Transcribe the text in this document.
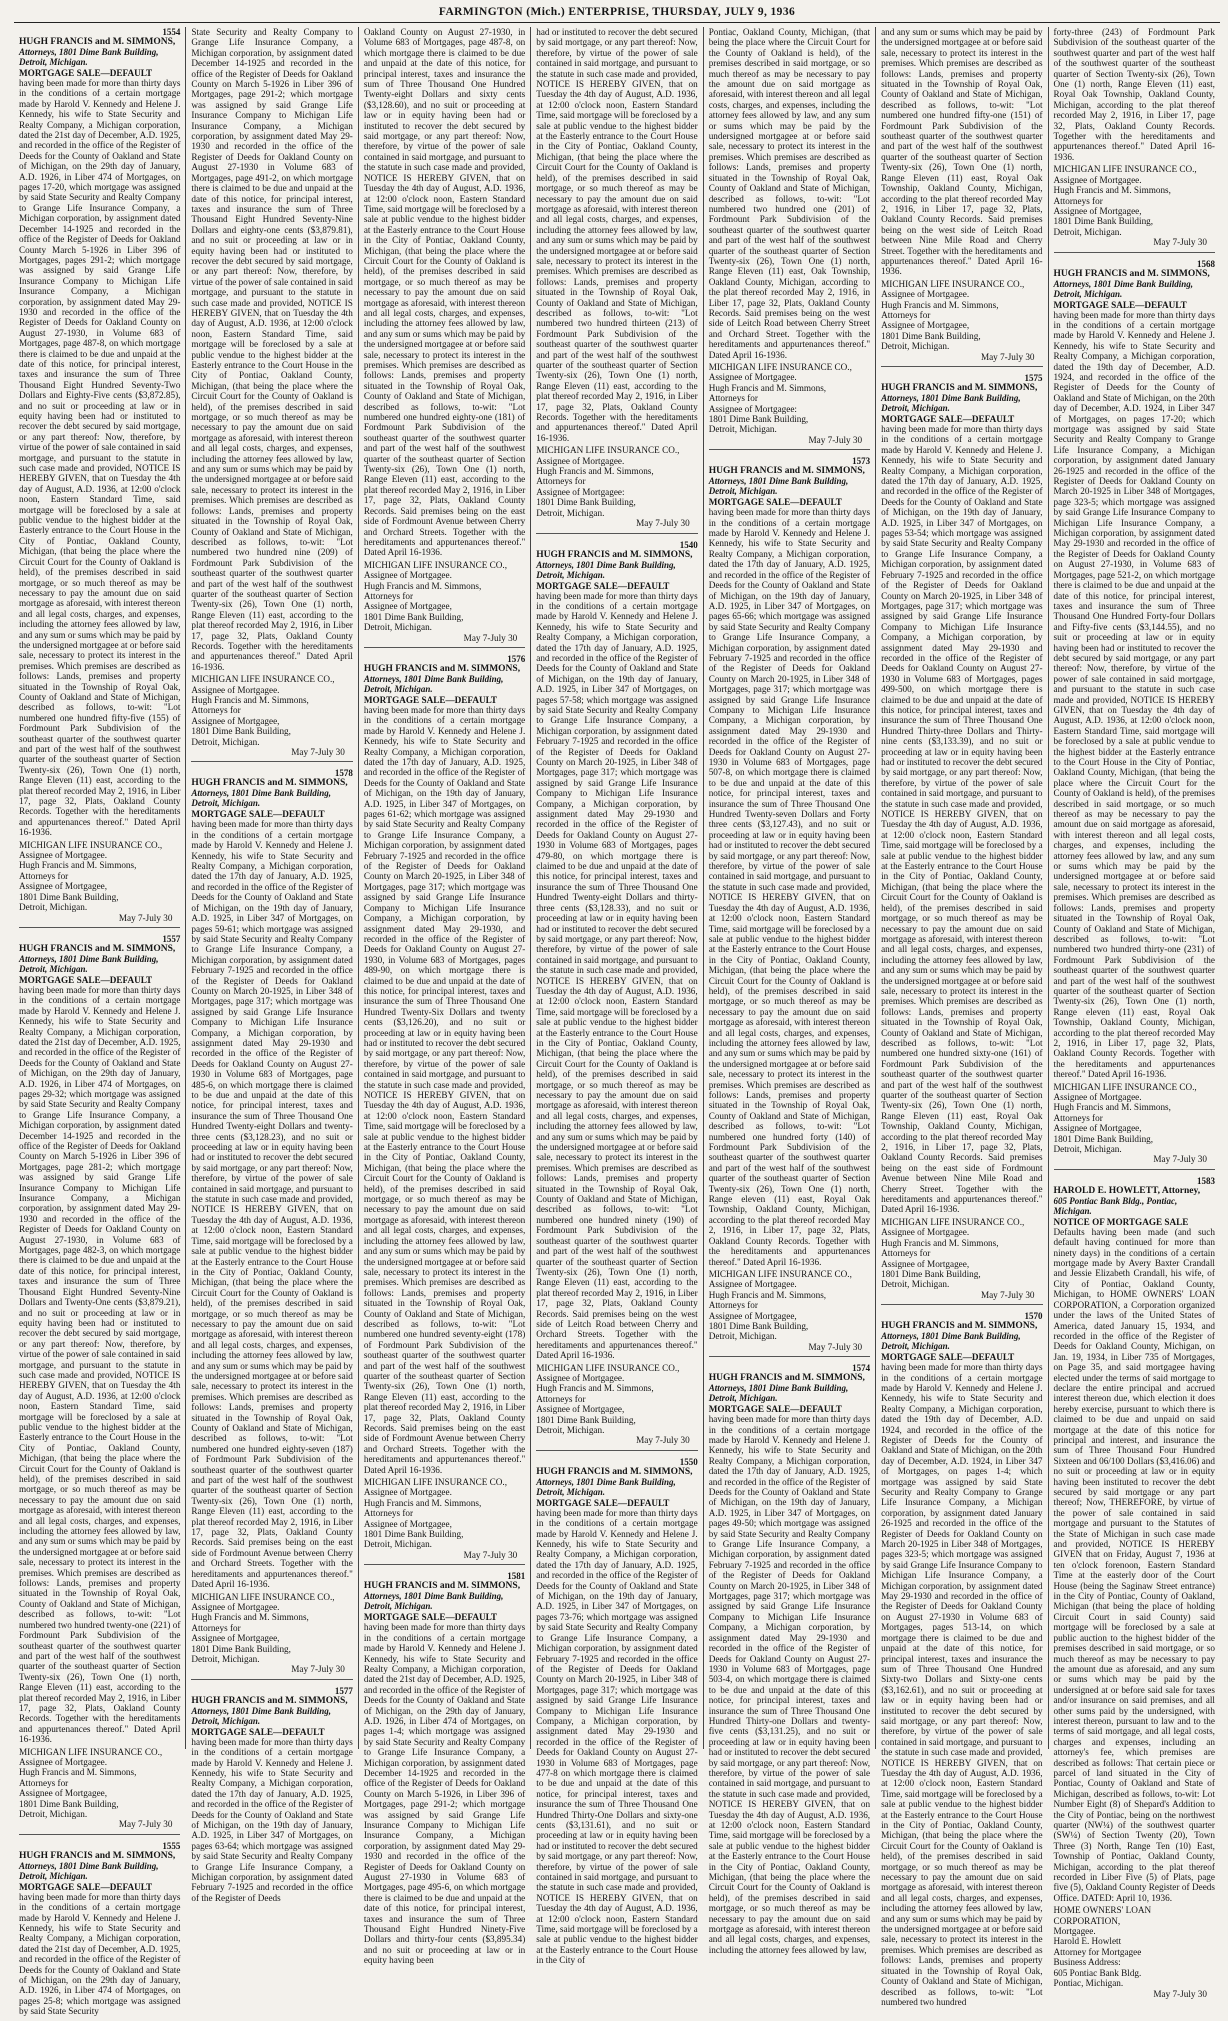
FARMINGTON (Mich.) ENTERPRISE, THURSDAY, JULY 9, 1936
1554
HUGH FRANCIS and M. SIMMONS,
Attorneys, 1801 Dime Bank Building, Detroit, Michigan.
MORTGAGE SALE—DEFAULT

having been made for more than thirty days in the conditions of a certain mortgage made by Harold V. Kennedy and Helene J. Kennedy, his wife to State Security and Realty Company, a Michigan corporation, dated the 21st day of December, A.D. 1925, and recorded in the office of the Register of Deeds for the County of Oakland and State of Michigan, on the 29th day of January, A.D. 1926, in Liber 474 of Mortgages, on pages 17-20, which mortgage was assigned by said State Security and Realty Company to Grange Life Insurance Company, a Michigan corporation, by assignment dated December 14-1925 and recorded in the office of the Register of Deeds for Oakland County March 5-1926 in Liber 396 of Mortgages, pages 291-2; which mortgage was assigned by said Grange Life Insurance Company to Michigan Life Insurance Company, a Michigan corporation, by assignment dated May 29-1930 and recorded in the office of the Register of Deeds for Oakland County on August 27-1930, in Volume 683 of Mortgages, page 487-8, on which mortgage there is claimed to be due and unpaid at the date of this notice, for principal interest, taxes and insurance the sum of Three Thousand Eight Hundred Seventy-Two Dollars and Eighty-Five cents ($3,872.85), and no suit or proceeding at law or in equity having been had or instituted to recover the debt secured by said mortgage, or any part thereof: Now, therefore, by virtue of the power of sale contained in said mortgage, and pursuant to the statute in such case made and provided, NOTICE IS HEREBY GIVEN, that on Tuesday the 4th day of August, A.D. 1936, at 12:00 o'clock noon, Eastern Standard Time, said mortgage will be foreclosed by a sale at public vendue to the highest bidder at the Easterly entrance to the Court House in the City of Pontiac, Oakland County, Michigan, (that being the place where the Circuit Court for the County of Oakland is held), of the premises described in said mortgage, or so much thereof as may be necessary to pay the amount due on said mortgage as aforesaid, with interest thereon and all legal costs, charges, and expenses, including the attorney fees allowed by law, and any sum or sums which may be paid by the undersigned mortgagee at or before said sale, necessary to protect its interest in the premises. Which premises are described as follows: Lands, premises and property situated in the Township of Royal Oak, County of Oakland and State of Michigan, described as follows, to-wit: "Lot numbered one hundred fifty-five (155) of Fordmount Park Subdivision of the southeast quarter of the southwest quarter and part of the west half of the southwest quarter of the southeast quarter of Section Twenty-six (26), Town One (1) north, Range Eleven (11) east, according to the plat thereof recorded May 2, 1916, in Liber 17, page 32, Plats, Oakland County Records. Together with the hereditaments and appurtenances thereof." Dated April 16-1936.

MICHIGAN LIFE INSURANCE CO.,
Assignee of Mortgagee.
Hugh Francis and M. Simmons,
Attorneys for
Assignee of Mortgagee,
1801 Dime Bank Building,
Detroit, Michigan.
May 7-July 30
1557
HUGH FRANCIS and M. SIMMONS,
Attorneys, 1801 Dime Bank Building, Detroit, Michigan.
MORTGAGE SALE—DEFAULT

having been made for more than thirty days in the conditions of a certain mortgage made by Harold V. Kennedy and Helene J. Kennedy, his wife to State Security and Realty Company, a Michigan corporation, dated the 21st day of December, A.D. 1925, and recorded in the office of the Register of Deeds for the County of Oakland and State of Michigan, on the 29th day of January, A.D. 1926, in Liber 474 of Mortgages, on pages 29-32; which mortgage was assigned by said State Security and Realty Company to Grange Life Insurance Company, a Michigan corporation, by assignment dated December 14-1925 and recorded in the office of the Register of Deeds for Oakland County on March 5-1926 in Liber 396 of Mortgages, page 281-2; which mortgage was assigned by said Grange Life Insurance Company to Michigan Life Insurance Company, a Michigan corporation, by assignment dated May 29-1930 and recorded in the office of the Register of Deeds for Oakland County on August 27-1930, in Volume 683 of Mortgages, page 482-3, on which mortgage there is claimed to be due and unpaid at the date of this notice, for principal interest, taxes and insurance the sum of Three Thousand Eight Hundred Seventy-Nine Dollars and Twenty-One cents ($3,879.21), and no suit or proceeding at law or in equity having been had or instituted to recover the debt secured by said mortgage, or any part thereof: Now, therefore, by virtue of the power of sale contained in said mortgage, and pursuant to the statute in such case made and provided, NOTICE IS HEREBY GIVEN, that on Tuesday the 4th day of August, A.D. 1936, at 12:00 o'clock noon, Eastern Standard Time, said mortgage will be foreclosed by a sale at public vendue to the highest bidder at the Easterly entrance to the Court House in the City of Pontiac, Oakland County, Michigan, (that being the place where the Circuit Court for the County of Oakland is held), of the premises described in said mortgage, or so much thereof as may be necessary to pay the amount due on said mortgage as aforesaid, with interest thereon and all legal costs, charges, and expenses, including the attorney fees allowed by law, and any sum or sums which may be paid by the undersigned mortgagee at or before said sale, necessary to protect its interest in the premises. Which premises are described as follows: Lands, premises and property situated in the Township of Royal Oak, County of Oakland and State of Michigan, described as follows, to-wit: "Lot numbered two hundred twenty-one (221) of Fordmount Park Subdivision of the southeast quarter of the southwest quarter and part of the west half of the southwest quarter of the southeast quarter of Section Twenty-six (26), Town One (1) north, Range Eleven (11) east, according to the plat thereof recorded May 2, 1916, in Liber 17, page 32, Plats, Oakland County Records. Together with the hereditaments and appurtenances thereof." Dated April 16-1936.

MICHIGAN LIFE INSURANCE CO.,
Assignee of Mortgagee.
Hugh Francis and M. Simmons,
Attorneys for
Assignee of Mortgagee,
1801 Dime Bank Building,
Detroit, Michigan.
May 7-July 30
1555
HUGH FRANCIS and M. SIMMONS,
Attorneys, 1801 Dime Bank Building, Detroit, Michigan.
MORTGAGE SALE—DEFAULT

having been made for more than thirty days in the conditions of a certain mortgage made by Harold V. Kennedy and Helene J. Kennedy, his wife to State Security and Realty Company, a Michigan corporation, dated the 21st day of December, A.D. 1925, and recorded in the office of the Register of Deeds for the County of Oakland and State of Michigan, on the 29th day of January, A.D. 1926, in Liber 474 of Mortgages, on pages 25-8; which mortgage was assigned by said State Security

State Security and Realty Company to Grange Life Insurance Company, a Michigan corporation, by assignment dated December 14-1925 and recorded in the office of the Register of Deeds for Oakland County on March 5-1926 in Liber 396 of Mortgages, page 291-2; which mortgage was assigned by said Grange Life Insurance Company to Michigan Life Insurance Company, a Michigan corporation, by assignment dated May 29-1930 and recorded in the office of the Register of Deeds for Oakland County on August 27-1930 in Volume 683 of Mortgages, page 491-2, on which mortgage there is claimed to be due and unpaid at the date of this notice, for principal interest, taxes and insurance the sum of Three Thousand Eight Hundred Seventy-Nine Dollars and eighty-one cents ($3,879.81), and no suit or proceeding at law or in equity having been had or instituted to recover the debt secured by said mortgage, or any part thereof: Now, therefore, by virtue of the power of sale contained in said mortgage, and pursuant to the statute in such case made and provided, NOTICE IS HEREBY GIVEN, that on Tuesday the 4th day of August, A.D. 1936, at 12:00 o'clock noon, Eastern Standard Time, said mortgage will be foreclosed by a sale at public vendue to the highest bidder at the Easterly entrance to the Court House in the City of Pontiac, Oakland County, Michigan, (that being the place where the Circuit Court for the County of Oakland is held), of the premises described in said mortgage, or so much thereof as may be necessary to pay the amount due on said mortgage as aforesaid, with interest thereon and all legal costs, charges, and expenses, including the attorney fees allowed by law, and any sum or sums which may be paid by the undersigned mortgagee at or before said sale, necessary to protect its interest in the premises. Which premises are described as follows: Lands, premises and property situated in the Township of Royal Oak, County of Oakland and State of Michigan, described as follows, to-wit: "Lot numbered two hundred nine (209) of Fordmount Park Subdivision of the southeast quarter of the southwest quarter and part of the west half of the southwest quarter of the southeast quarter of Section Twenty-six (26), Town One (1) north, Range Eleven (11) east, according to the plat thereof recorded May 2, 1916, in Liber 17, page 32, Plats, Oakland County Records. Together with the hereditaments and appurtenances thereof." Dated April 16-1936.

MICHIGAN LIFE INSURANCE CO.,
Assignee of Mortgagee.
Hugh Francis and M. Simmons,
Attorneys for
Assignee of Mortgagee,
1801 Dime Bank Building,
Detroit, Michigan.
May 7-July 30
1578
HUGH FRANCIS and M. SIMMONS,
Attorneys, 1801 Dime Bank Building, Detroit, Michigan.
MORTGAGE SALE—DEFAULT

having been made for more than thirty days in the conditions of a certain mortgage made by Harold V. Kennedy and Helene J. Kennedy, his wife to State Security and Realty Company, a Michigan corporation, dated the 17th day of January, A.D. 1925, and recorded in the office of the Register of Deeds for the County of Oakland and State of Michigan, on the 19th day of January, A.D. 1925, in Liber 347 of Mortgages, on pages 59-61; which mortgage was assigned by said State Security and Realty Company to Grange Life Insurance Company, a Michigan corporation, by assignment dated February 7-1925 and recorded in the office of the Register of Deeds for Oakland County on March 20-1925, in Liber 348 of Mortgages, page 317; which mortgage was assigned by said Grange Life Insurance Company to Michigan Life Insurance Company, a Michigan corporation, by assignment dated May 29-1930 and recorded in the office of the Register of Deeds for Oakland County on August 27-1930 in Volume 683 of Mortgages, page 485-6, on which mortgage there is claimed to be due and unpaid at the date of this notice, for principal interest, taxes and insurance the sum of Three Thousand One Hundred Twenty-eight Dollars and twenty-three cents ($3,128.23), and no suit or proceeding at law or in equity having been had or instituted to recover the debt secured by said mortgage, or any part thereof: Now, therefore, by virtue of the power of sale contained in said mortgage, and pursuant to the statute in such case made and provided, NOTICE IS HEREBY GIVEN, that on Tuesday the 4th day of August, A.D. 1936, at 12:00 o'clock noon, Eastern Standard Time, said mortgage will be foreclosed by a sale at public vendue to the highest bidder at the Easterly entrance to the Court House in the City of Pontiac, Oakland County, Michigan, (that being the place where the Circuit Court for the County of Oakland is held), of the premises described in said mortgage, or so much thereof as may be necessary to pay the amount due on said mortgage as aforesaid, with interest thereon and all legal costs, charges, and expenses, including the attorney fees allowed by law, and any sum or sums which may be paid by the undersigned mortgagee at or before said sale, necessary to protect its interest in the premises. Which premises are described as follows: Lands, premises and property situated in the Township of Royal Oak, County of Oakland and State of Michigan, described as follows, to-wit: "Lot numbered one hundred eighty-seven (187) of Fordmount Park Subdivision of the southeast quarter of the southwest quarter and part of the west half of the southwest quarter of the southeast quarter of Section Twenty-six (26), Town One (1) north, Range Eleven (11) east, according to the plat thereof recorded May 2, 1916, in Liber 17, page 32, Plats, Oakland County Records. Said premises being on the east side of Fordmount Avenue between Cherry and Orchard Streets. Together with the hereditaments and appurtenances thereof." Dated April 16-1936.

MICHIGAN LIFE INSURANCE CO.,
Assignee of Mortgagee.
Hugh Francis and M. Simmons,
Attorneys for
Assignee of Mortgagee,
1801 Dime Bank Building,
Detroit, Michigan.
May 7-July 30
1577
HUGH FRANCIS and M. SIMMONS,
Attorneys, 1801 Dime Bank Building, Detroit, Michigan.
MORTGAGE SALE—DEFAULT

having been made for more than thirty days in the conditions of a certain mortgage made by Harold V. Kennedy and Helene J. Kennedy, his wife to State Security and Realty Company, a Michigan corporation, dated the 17th day of January, A.D. 1925, and recorded in the office of the Register of Deeds for the County of Oakland and State of Michigan, on the 19th day of January, A.D. 1925, in Liber 347 of Mortgages, on pages 63-64; which mortgage was assigned by said State Security and Realty Company to Grange Life Insurance Company, a Michigan corporation, by assignment dated February 7-1925 and recorded in the office of the Register of Deeds

Oakland County on August 27-1930, in Volume 683 of Mortgages, page 487-8, on which mortgage there is claimed to be due and unpaid at the date of this notice, for principal interest, taxes and insurance the sum of Three Thousand One Hundred Twenty-eight Dollars and sixty cents ($3,128.60), and no suit or proceeding at law or in equity having been had or instituted to recover the debt secured by said mortgage, or any part thereof: Now, therefore, by virtue of the power of sale contained in said mortgage, and pursuant to the statute in such case made and provided, NOTICE IS HEREBY GIVEN, that on Tuesday the 4th day of August, A.D. 1936, at 12:00 o'clock noon, Eastern Standard Time, said mortgage will be foreclosed by a sale at public vendue to the highest bidder at the Easterly entrance to the Court House in the City of Pontiac, Oakland County, Michigan, (that being the place where the Circuit Court for the County of Oakland is held), of the premises described in said mortgage, or so much thereof as may be necessary to pay the amount due on said mortgage as aforesaid, with interest thereon and all legal costs, charges, and expenses, including the attorney fees allowed by law, and any sum or sums which may be paid by the undersigned mortgagee at or before said sale, necessary to protect its interest in the premises. Which premises are described as follows: Lands, premises and property situated in the Township of Royal Oak, County of Oakland and State of Michigan, described as follows, to-wit: "Lot numbered one hundred eighty-one (181) of Fordmount Park Subdivision of the southeast quarter of the southwest quarter and part of the west half of the southwest quarter of the southeast quarter of Section Twenty-six (26), Town One (1) north, Range Eleven (11) east, according to the plat thereof recorded May 2, 1916, in Liber 17, page 32, Plats, Oakland County Records. Said premises being on the east side of Fordmount Avenue between Cherry and Orchard Streets. Together with the hereditaments and appurtenances thereof." Dated April 16-1936.

MICHIGAN LIFE INSURANCE CO.,
Assignee of Mortgagee.
Hugh Francis and M. Simmons,
Attorneys for
Assignee of Mortgagee,
1801 Dime Bank Building,
Detroit, Michigan.
May 7-July 30
1576
HUGH FRANCIS and M. SIMMONS,
Attorneys, 1801 Dime Bank Building, Detroit, Michigan.
MORTGAGE SALE—DEFAULT

having been made for more than thirty days in the conditions of a certain mortgage made by Harold V. Kennedy and Helene J. Kennedy, his wife to State Security and Realty Company, a Michigan corporation, dated the 17th day of January, A.D. 1925, and recorded in the office of the Register of Deeds for the County of Oakland and State of Michigan, on the 19th day of January, A.D. 1925, in Liber 347 of Mortgages, on pages 61-62; which mortgage was assigned by said State Security and Realty Company to Grange Life Insurance Company, a Michigan corporation, by assignment dated February 7-1925 and recorded in the office of the Register of Deeds for Oakland County on March 20-1925, in Liber 348 of Mortgages, page 317; which mortgage was assigned by said Grange Life Insurance Company to Michigan Life Insurance Company, a Michigan corporation, by assignment dated May 29-1930, and recorded in the office of the Register of Deeds for Oakland County on August 27-1930, in Volume 683 of Mortgages, pages 489-90, on which mortgage there is claimed to be due and unpaid at the date of this notice, for principal interest, taxes and insurance the sum of Three Thousand One Hundred Twenty-Six Dollars and twenty cents ($3,126.20), and no suit or proceeding at law or in equity having been had or instituted to recover the debt secured by said mortgage, or any part thereof: Now, therefore, by virtue of the power of sale contained in said mortgage, and pursuant to the statute in such case made and provided, NOTICE IS HEREBY GIVEN, that on Tuesday the 4th day of August, A.D. 1936, at 12:00 o'clock noon, Eastern Standard Time, said mortgage will be foreclosed by a sale at public vendue to the highest bidder at the Easterly entrance to the Court House in the City of Pontiac, Oakland County, Michigan, (that being the place where the Circuit Court for the County of Oakland is held), of the premises described in said mortgage, or so much thereof as may be necessary to pay the amount due on said mortgage as aforesaid, with interest thereon and all legal costs, charges, and expenses, including the attorney fees allowed by law, and any sum or sums which may be paid by the undersigned mortgagee at or before said sale, necessary to protect its interest in the premises. Which premises are described as follows: Lands, premises and property situated in the Township of Royal Oak, County of Oakland and State of Michigan, described as follows, to-wit: "Lot numbered one hundred seventy-eight (178) of Fordmount Park Subdivision of the southeast quarter of the southwest quarter and part of the west half of the southwest quarter of the southeast quarter of Section Twenty-six (26), Town One (1) north, Range Eleven (11) east, according to the plat thereof recorded May 2, 1916, in Liber 17, page 32, Plats, Oakland County Records. Said premises being on the east side of Fordmount Avenue between Cherry and Orchard Streets. Together with the hereditaments and appurtenances thereof." Dated April 16-1936.

MICHIGAN LIFE INSURANCE CO.,
Assignee of Mortgagee.
Hugh Francis and M. Simmons,
Attorneys for
Assignee of Mortgagee,
1801 Dime Bank Building,
Detroit, Michigan.
May 7-July 30
1581
HUGH FRANCIS and M. SIMMONS,
Attorneys, 1801 Dime Bank Building, Detroit, Michigan.
MORTGAGE SALE—DEFAULT

having been made for more than thirty days in the conditions of a certain mortgage made by Harold V. Kennedy and Helene J. Kennedy, his wife to State Security and Realty Company, a Michigan corporation, dated the 21st day of December, A.D. 1925, and recorded in the office of the Register of Deeds for the County of Oakland and State of Michigan, on the 29th day of January, A.D. 1926, in Liber 474 of Mortgages, on pages 1-4; which mortgage was assigned by said State Security and Realty Company to Grange Life Insurance Company, a Michigan corporation, by assignment dated December 14-1925 and recorded in the office of the Register of Deeds for Oakland County on March 5-1926, in Liber 396 of Mortgages, page 291-2; which mortgage was assigned by said Grange Life Insurance Company to Michigan Life Insurance Company, a Michigan corporation, by assignment dated May 29-1930 and recorded in the office of the Register of Deeds for Oakland County on August 27-1930 in Volume 683 of Mortgages, page 495-6, on which mortgage there is claimed to be due and unpaid at the date of this notice, for principal interest, taxes and insurance the sum of Three Thousand Eight Hundred Ninety-Five Dollars and thirty-four cents ($3,895.34) and no suit or proceeding at law or in equity having been

had or instituted to recover the debt secured by said mortgage, or any part thereof: Now, therefore, by virtue of the power of sale contained in said mortgage, and pursuant to the statute in such case made and provided, NOTICE IS HEREBY GIVEN, that on Tuesday the 4th day of August, A.D. 1936, at 12:00 o'clock noon, Eastern Standard Time, said mortgage will be foreclosed by a sale at public vendue to the highest bidder at the Easterly entrance to the Court House in the City of Pontiac, Oakland County, Michigan, (that being the place where the Circuit Court for the County of Oakland is held), of the premises described in said mortgage, or so much thereof as may be necessary to pay the amount due on said mortgage as aforesaid, with interest thereon and all legal costs, charges, and expenses, including the attorney fees allowed by law, and any sum or sums which may be paid by the undersigned mortgagee at or before said sale, necessary to protect its interest in the premises. Which premises are described as follows: Lands, premises and property situated in the Township of Royal Oak, County of Oakland and State of Michigan, described as follows, to-wit: "Lot numbered two hundred thirteen (213) of Fordmount Park Subdivision of the southeast quarter of the southwest quarter and part of the west half of the southwest quarter of the southeast quarter of Section Twenty-six (26), Town One (1) north, Range Eleven (11) east, according to the plat thereof recorded May 2, 1916, in Liber 17, page 32, Plats, Oakland County Records. Together with the hereditaments and appurtenances thereof." Dated April 16-1936.

MICHIGAN LIFE INSURANCE CO.,
Assignee of Mortgagee.
Hugh Francis and M. Simmons,
Attorneys for
Assignee of Mortgagee:
1801 Dime Bank Building,
Detroit, Michigan.
May 7-July 30
1540
HUGH FRANCIS and M. SIMMONS,
Attorneys, 1801 Dime Bank Building, Detroit, Michigan.
MORTGAGE SALE—DEFAULT

having been made for more than thirty days in the conditions of a certain mortgage made by Harold V. Kennedy and Helene J. Kennedy, his wife to State Security and Realty Company, a Michigan corporation, dated the 17th day of January, A.D. 1925, and recorded in the office of the Register of Deeds for the County of Oakland and State of Michigan, on the 19th day of January, A.D. 1925, in Liber 347 of Mortgages, on pages 57-58; which mortgage was assigned by said State Security and Realty Company to Grange Life Insurance Company, a Michigan corporation, by assignment dated February 7-1925 and recorded in the office of the Register of Deeds for Oakland County on March 20-1925, in Liber 348 of Mortgages, page 317; which mortgage was assigned by said Grange Life Insurance Company to Michigan Life Insurance Company, a Michigan corporation, by assignment dated May 29-1930 and recorded in the office of the Register of Deeds for Oakland County on August 27-1930 in Volume 683 of Mortgages, pages 479-80, on which mortgage there is claimed to be due and unpaid at the date of this notice, for principal interest, taxes and insurance the sum of Three Thousand One Hundred Twenty-eight Dollars and thirty-three cents ($3,128.33), and no suit or proceeding at law or in equity having been had or instituted to recover the debt secured by said mortgage, or any part thereof: Now, therefore, by virtue of the power of sale contained in said mortgage, and pursuant to the statute in such case made and provided, NOTICE IS HEREBY GIVEN, that on Tuesday the 4th day of August, A.D. 1936, at 12:00 o'clock noon, Eastern Standard Time, said mortgage will be foreclosed by a sale at public vendue to the highest bidder at the Easterly entrance to the Court House in the City of Pontiac, Oakland County, Michigan, (that being the place where the Circuit Court for the County of Oakland is held), of the premises described in said mortgage, or so much thereof as may be necessary to pay the amount due on said mortgage as aforesaid, with interest thereon and all legal costs, charges, and expenses, including the attorney fees allowed by law, and any sum or sums which may be paid by the undersigned mortgagee at or before said sale, necessary to protect its interest in the premises. Which premises are described as follows: Lands, premises and property situated in the Township of Royal Oak, County of Oakland and State of Michigan, described as follows, to-wit: "Lot numbered one hundred ninety (190) of Fordmount Park Subdivision of the southeast quarter of the southwest quarter and part of the west half of the southwest quarter of the southeast quarter of Section Twenty-six (26), Town One (1) north, Range Eleven (11) east, according to the plat thereof recorded May 2, 1916, in Liber 17, page 32, Plats, Oakland County Records. Said premises being on the west side of Leitch Road between Cherry and Orchard Streets. Together with the hereditaments and appurtenances thereof." Dated April 16-1936.

MICHIGAN LIFE INSURANCE CO.,
Assignee of Mortgagee.
Hugh Francis and M. Simmons,
Attorneys for
Assignee of Mortgagee,
1801 Dime Bank Building,
Detroit, Michigan.
May 7-July 30
1550
HUGH FRANCIS and M. SIMMONS,
Attorneys, 1801 Dime Bank Building, Detroit, Michigan.
MORTGAGE SALE—DEFAULT

having been made for more than thirty days in the conditions of a certain mortgage made by Harold V. Kennedy and Helene J. Kennedy, his wife to State Security and Realty Company, a Michigan corporation, dated the 17th day of January, A.D. 1925, and recorded in the office of the Register of Deeds for the County of Oakland and State of Michigan, on the 19th day of January, A.D. 1925, in Liber 347 of Mortgages, on pages 73-76; which mortgage was assigned by said State Security and Realty Company to Grange Life Insurance Company, a Michigan corporation, by assignment dated February 7-1925 and recorded in the office of the Register of Deeds for Oakland County on March 20-1925, in Liber 348 of Mortgages, page 317; which mortgage was assigned by said Grange Life Insurance Company to Michigan Life Insurance Company, a Michigan corporation, by assignment dated May 29-1930 and recorded in the office of the Register of Deeds for Oakland County on August 27-1930 in Volume 683 of Mortgages, page 477-8 on which mortgage there is claimed to be due and unpaid at the date of this notice, for principal interest, taxes and insurance the sum of Three Thousand One Hundred Thirty-One Dollars and sixty-one cents ($3,131.61), and no suit or proceeding at law or in equity having been had or instituted to recover the debt secured by said mortgage, or any part thereof: Now, therefore, by virtue of the power of sale contained in said mortgage, and pursuant to the statute in such case made and provided, NOTICE IS HEREBY GIVEN, that on Tuesday the 4th day of August, A.D. 1936, at 12:00 o'clock noon, Eastern Standard Time, said mortgage will be foreclosed by a sale at public vendue to the highest bidder at the Easterly entrance to the Court House in the City of

Pontiac, Oakland County, Michigan, (that being the place where the Circuit Court for the County of Oakland is held), of the premises described in said mortgage, or so much thereof as may be necessary to pay the amount due on said mortgage as aforesaid, with interest thereon and all legal costs, charges, and expenses, including the attorney fees allowed by law, and any sum or sums which may be paid by the undersigned mortgagee at or before said sale, necessary to protect its interest in the premises. Which premises are described as follows: Lands, premises and property situated in the Township of Royal Oak, County of Oakland and State of Michigan, described as follows, to-wit: "Lot numbered two hundred one (201) of Fordmount Park Subdivision of the southeast quarter of the southwest quarter and part of the west half of the southwest quarter of the southeast quarter of Section Twenty-six (26), Town One (1) north, Range Eleven (11) east, Oak Township, Oakland County, Michigan, according to the plat thereof recorded May 2, 1916, in Liber 17, page 32, Plats, Oakland County Records. Said premises being on the west side of Leitch Road between Cherry Street and Orchard Street. Together with the hereditaments and appurtenances thereof." Dated April 16-1936.

MICHIGAN LIFE INSURANCE CO.,
Assignee of Mortgagee.
Hugh Francis and M. Simmons,
Attorneys for
Assignee of Mortgagee:
1801 Dime Bank Building,
Detroit, Michigan.
May 7-July 30
1573
HUGH FRANCIS and M. SIMMONS,
Attorneys, 1801 Dime Bank Building, Detroit, Michigan.
MORTGAGE SALE—DEFAULT

having been made for more than thirty days in the conditions of a certain mortgage made by Harold V. Kennedy and Helene J. Kennedy, his wife to State Security and Realty Company, a Michigan corporation, dated the 17th day of January, A.D. 1925, and recorded in the office of the Register of Deeds for the County of Oakland and State of Michigan, on the 19th day of January, A.D. 1925, in Liber 347 of Mortgages, on pages 65-66; which mortgage was assigned by said State Security and Realty Company to Grange Life Insurance Company, a Michigan corporation, by assignment dated February 7-1925 and recorded in the office of the Register of Deeds for Oakland County on March 20-1925, in Liber 348 of Mortgages, page 317; which mortgage was assigned by said Grange Life Insurance Company to Michigan Life Insurance Company, a Michigan corporation, by assignment dated May 29-1930 and recorded in the office of the Register of Deeds for Oakland County on August 27-1930 in Volume 683 of Mortgages, page 507-8, on which mortgage there is claimed to be due and unpaid at the date of this notice, for principal interest, taxes and insurance the sum of Three Thousand One Hundred Twenty-seven Dollars and Forty three cents ($3,127.43), and no suit or proceeding at law or in equity having been had or instituted to recover the debt secured by said mortgage, or any part thereof: Now, therefore, by virtue of the power of sale contained in said mortgage, and pursuant to the statute in such case made and provided, NOTICE IS HEREBY GIVEN, that on Tuesday the 4th day of August, A.D. 1936, at 12:00 o'clock noon, Eastern Standard Time, said mortgage will be foreclosed by a sale at public vendue to the highest bidder at the Easterly entrance to the Court House in the City of Pontiac, Oakland County, Michigan, (that being the place where the Circuit Court for the County of Oakland is held), of the premises described in said mortgage, or so much thereof as may be necessary to pay the amount due on said mortgage as aforesaid, with interest thereon and all legal costs, charges, and expenses, including the attorney fees allowed by law, and any sum or sums which may be paid by the undersigned mortgagee at or before said sale, necessary to protect its interest in the premises. Which premises are described as follows: Lands, premises and property situated in the Township of Royal Oak, County of Oakland and State of Michigan, described as follows, to-wit: "Lot numbered one hundred forty (140) of Fordmount Park Subdivision of the southeast quarter of the southwest quarter and part of the west half of the southwest quarter of the southeast quarter of Section Twenty-six (26), Town One (1) north, Range eleven (11) east, Royal Oak Township, Oakland County, Michigan, according to the plat thereof recorded May 2, 1916, in Liber 17, page 32, Plats, Oakland County Records. Together with the hereditaments and appurtenances thereof." Dated April 16-1936.

MICHIGAN LIFE INSURANCE CO.,
Assignee of Mortgagee.
Hugh Francis and M. Simmons,
Attorneys for
Assignee of Mortgagee,
1801 Dime Bank Building,
Detroit, Michigan.
May 7-July 30
1574
HUGH FRANCIS and M. SIMMONS,
Attorneys, 1801 Dime Bank Building, Detroit, Michigan.
MORTGAGE SALE—DEFAULT

having been made for more than thirty days in the conditions of a certain mortgage made by Harold V. Kennedy and Helene J. Kennedy, his wife to State Security and Realty Company, a Michigan corporation, dated the 17th day of January, A.D. 1925, and recorded in the office of the Register of Deeds for the County of Oakland and State of Michigan, on the 19th day of January, A.D. 1925, in Liber 347 of Mortgages, on pages 49-50; which mortgage was assigned by said State Security and Realty Company to Grange Life Insurance Company, a Michigan corporation, by assignment dated February 7-1925 and recorded in the office of the Register of Deeds for Oakland County on March 20-1925, in Liber 348 of Mortgages, page 317; which mortgage was assigned by said Grange Life Insurance Company to Michigan Life Insurance Company, a Michigan corporation, by assignment dated May 29-1930 and recorded in the office of the Register of Deeds for Oakland County on August 27-1930 in Volume 683 of Mortgages, page 503-4, on which mortgage there is claimed to be due and unpaid at the date of this notice, for principal interest, taxes and insurance the sum of Three Thousand One Hundred Thirty-one Dollars and twenty-five cents ($3,131.25), and no suit or proceeding at law or in equity having been had or instituted to recover the debt secured by said mortgage, or any part thereof: Now, therefore, by virtue of the power of sale contained in said mortgage, and pursuant to the statute in such case made and provided, NOTICE IS HEREBY GIVEN, that on Tuesday the 4th day of August, A.D. 1936, at 12:00 o'clock noon, Eastern Standard Time, said mortgage will be foreclosed by a sale at public vendue to the highest bidder at the Easterly entrance to the Court House in the City of Pontiac, Oakland County, Michigan, (that being the place where the Circuit Court for the County of Oakland is held), of the premises described in said mortgage, or so much thereof as may be necessary to pay the amount due on said mortgage as aforesaid, with interest thereon and all legal costs, charges, and expenses, including the attorney fees allowed by law,

and any sum or sums which may be paid by the undersigned mortgagee at or before said sale, necessary to protect its interest in the premises. Which premises are described as follows: Lands, premises and property situated in the Township of Royal Oak, County of Oakland and State of Michigan, described as follows, to-wit: "Lot numbered one hundred fifty-one (151) of Fordmount Park Subdivision of the southeast quarter of the southwest quarter and part of the west half of the southwest quarter of the southeast quarter of Section Twenty-six (26), Town One (1) north, Range Eleven (11) east, Royal Oak Township, Oakland County, Michigan, according to the plat thereof recorded May 2, 1916, in Liber 17, page 32, Plats, Oakland County Records. Said premises being on the west side of Leitch Road between Nine Mile Road and Cherry Street. Together with the hereditaments and appurtenances thereof." Dated April 16-1936.

MICHIGAN LIFE INSURANCE CO.,
Assignee of Mortgagee.
Hugh Francis and M. Simmons,
Attorneys for
Assignee of Mortgagee,
1801 Dime Bank Building,
Detroit, Michigan.
May 7-July 30
1575
HUGH FRANCIS and M. SIMMONS,
Attorneys, 1801 Dime Bank Building, Detroit, Michigan.
MORTGAGE SALE—DEFAULT

having been made for more than thirty days in the conditions of a certain mortgage made by Harold V. Kennedy and Helene J. Kennedy, his wife to State Security and Realty Company, a Michigan corporation, dated the 17th day of January, A.D. 1925, and recorded in the office of the Register of Deeds for the County of Oakland and State of Michigan, on the 19th day of January, A.D. 1925, in Liber 347 of Mortgages, on pages 53-54; which mortgage was assigned by said State Security and Realty Company to Grange Life Insurance Company, a Michigan corporation, by assignment dated February 7-1925 and recorded in the office of the Register of Deeds for Oakland County on March 20-1925, in Liber 348 of Mortgages, page 317; which mortgage was assigned by said Grange Life Insurance Company to Michigan Life Insurance Company, a Michigan corporation, by assignment dated May 29-1930 and recorded in the office of the Register of Deeds for Oakland County on August 27-1930 in Volume 683 of Mortgages, pages 499-500, on which mortgage there is claimed to be due and unpaid at the date of this notice, for principal interest, taxes and insurance the sum of Three Thousand One Hundred Thirty-three Dollars and Thirty-nine cents ($3,133.39), and no suit or proceeding at law or in equity having been had or instituted to recover the debt secured by said mortgage, or any part thereof: Now, therefore, by virtue of the power of sale contained in said mortgage, and pursuant to the statute in such case made and provided, NOTICE IS HEREBY GIVEN, that on Tuesday the 4th day of August, A.D. 1936, at 12:00 o'clock noon, Eastern Standard Time, said mortgage will be foreclosed by a sale at public vendue to the highest bidder at the Easterly entrance to the Court House in the City of Pontiac, Oakland County, Michigan, (that being the place where the Circuit Court for the County of Oakland is held), of the premises described in said mortgage, or so much thereof as may be necessary to pay the amount due on said mortgage as aforesaid, with interest thereon and all legal costs, charges, and expenses, including the attorney fees allowed by law, and any sum or sums which may be paid by the undersigned mortgagee at or before said sale, necessary to protect its interest in the premises. Which premises are described as follows: Lands, premises and property situated in the Township of Royal Oak, County of Oakland and State of Michigan, described as follows, to-wit: "Lot numbered one hundred sixty-one (161) of Fordmount Park Subdivision of the southeast quarter of the southwest quarter and part of the west half of the southwest quarter of the southeast quarter of Section Twenty-six (26), Town One (1) north, Range Eleven (11) east, Royal Oak Township, Oakland County, Michigan, according to the plat thereof recorded May 2, 1916, in Liber 17, page 32, Plats, Oakland County Records. Said premises being on the east side of Fordmount Avenue between Nine Mile Road and Cherry Street. Together with the hereditaments and appurtenances thereof." Dated April 16-1936.

MICHIGAN LIFE INSURANCE CO.,
Assignee of Mortgagee.
Hugh Francis and M. Simmons,
Attorneys for
Assignee of Mortgagee,
1801 Dime Bank Building,
Detroit, Michigan.
May 7-July 30
1570
HUGH FRANCIS and M. SIMMONS,
Attorneys, 1801 Dime Bank Building, Detroit, Michigan.
MORTGAGE SALE—DEFAULT

having been made for more than thirty days in the conditions of a certain mortgage made by Harold V. Kennedy and Helene J. Kennedy, his wife to State Security and Realty Company, a Michigan corporation, dated the 19th day of December, A.D. 1924, and recorded in the office of the Register of Deeds for the County of Oakland and State of Michigan, on the 20th day of December, A.D. 1924, in Liber 347 of Mortgages, on pages 1-4; which mortgage was assigned by said State Security and Realty Company to Grange Life Insurance Company, a Michigan corporation, by assignment dated January 26-1925 and recorded in the office of the Register of Deeds for Oakland County on March 20-1925 in Liber 348 of Mortgages, pages 323-5; which mortgage was assigned by said Grange Life Insurance Company to Michigan Life Insurance Company, a Michigan corporation, by assignment dated May 29-1930 and recorded in the office of the Register of Deeds for Oakland County on August 27-1930 in Volume 683 of Mortgages, pages 513-14, on which mortgage there is claimed to be due and unpaid at the date of this notice, for principal interest, taxes and insurance the sum of Three Thousand One Hundred Sixty-two Dollars and Sixty-one cents ($3,162.61), and no suit or proceeding at law or in equity having been had or instituted to recover the debt secured by said mortgage, or any part thereof: Now, therefore, by virtue of the power of sale contained in said mortgage, and pursuant to the statute in such case made and provided, NOTICE IS HEREBY GIVEN, that on Tuesday the 4th day of August, A.D. 1936, at 12:00 o'clock noon, Eastern Standard Time, said mortgage will be foreclosed by a sale at public vendue to the highest bidder at the Easterly entrance to the Court House in the City of Pontiac, Oakland County, Michigan, (that being the place where the Circuit Court for the County of Oakland is held), of the premises described in said mortgage, or so much thereof as may be necessary to pay the amount due on said mortgage as aforesaid, with interest thereon and all legal costs, charges, and expenses, including the attorney fees allowed by law, and any sum or sums which may be paid by the undersigned mortgagee at or before said sale, necessary to protect its interest in the premises. Which premises are described as follows: Lands, premises and property situated in the Township of Royal Oak, County of Oakland and State of Michigan, described as follows, to-wit: "Lot numbered two hundred

forty-three (243) of Fordmount Park Subdivision of the southeast quarter of the southwest quarter and part of the west half of the southwest quarter of the southeast quarter of Section Twenty-six (26), Town One (1) north, Range Eleven (11) east, Royal Oak Township, Oakland County, Michigan, according to the plat thereof recorded May 2, 1916, in Liber 17, page 32, Plats, Oakland County Records. Together with the hereditaments and appurtenances thereof." Dated April 16-1936.

MICHIGAN LIFE INSURANCE CO.,
Assignee of Mortgagee.
Hugh Francis and M. Simmons,
Attorneys for
Assignee of Mortgagee,
1801 Dime Bank Building,
Detroit, Michigan.
May 7-July 30
1568
HUGH FRANCIS and M. SIMMONS,
Attorneys, 1801 Dime Bank Building, Detroit, Michigan.
MORTGAGE SALE—DEFAULT

having been made for more than thirty days in the conditions of a certain mortgage made by Harold V. Kennedy and Helene J. Kennedy, his wife to State Security and Realty Company, a Michigan corporation, dated the 19th day of December, A.D. 1924, and recorded in the office of the Register of Deeds for the County of Oakland and State of Michigan, on the 20th day of December, A.D. 1924, in Liber 347 of Mortgages, on pages 17-20; which mortgage was assigned by said State Security and Realty Company to Grange Life Insurance Company, a Michigan corporation, by assignment dated January 26-1925 and recorded in the office of the Register of Deeds for Oakland County on March 20-1925 in Liber 348 of Mortgages, page 323-5; which mortgage was assigned by said Grange Life Insurance Company to Michigan Life Insurance Company, a Michigan corporation, by assignment dated May 29-1930 and recorded in the office of the Register of Deeds for Oakland County on August 27-1930, in Volume 683 of Mortgages, page 521-2, on which mortgage there is claimed to be due and unpaid at the date of this notice, for principal interest, taxes and insurance the sum of Three Thousand One Hundred Forty-four Dollars and Fifty-five cents ($3,144.55), and no suit or proceeding at law or in equity having been had or instituted to recover the debt secured by said mortgage, or any part thereof: Now, therefore, by virtue of the power of sale contained in said mortgage, and pursuant to the statute in such case made and provided, NOTICE IS HEREBY GIVEN, that on Tuesday the 4th day of August, A.D. 1936, at 12:00 o'clock noon, Eastern Standard Time, said mortgage will be foreclosed by a sale at public vendue to the highest bidder at the Easterly entrance to the Court House in the City of Pontiac, Oakland County, Michigan, (that being the place where the Circuit Court for the County of Oakland is held), of the premises described in said mortgage, or so much thereof as may be necessary to pay the amount due on said mortgage as aforesaid, with interest thereon and all legal costs, charges, and expenses, including the attorney fees allowed by law, and any sum or sums which may be paid by the undersigned mortgagee at or before said sale, necessary to protect its interest in the premises. Which premises are described as follows: Lands, premises and property situated in the Township of Royal Oak, County of Oakland and State of Michigan, described as follows, to-wit: "Lot numbered two hundred thirty-one (231) of Fordmount Park Subdivision of the southeast quarter of the southwest quarter and part of the west half of the southwest quarter of the southeast quarter of Section Twenty-six (26), Town One (1) north, Range eleven (11) east, Royal Oak Township, Oakland County, Michigan, according to the plat thereof recorded May 2, 1916, in Liber 17, page 32, Plats, Oakland County Records. Together with the hereditaments and appurtenances thereof." Dated April 16-1936.

MICHIGAN LIFE INSURANCE CO.,
Assignee of Mortgagee.
Hugh Francis and M. Simmons,
Attorneys for
Assignee of Mortgagee,
1801 Dime Bank Building,
Detroit, Michigan.
May 7-July 30
1583
HAROLD E. HOWLETT, Attorney,
605 Pontiac Bank Bldg., Pontiac, Michigan.
NOTICE OF MORTGAGE SALE

Defaults having been made (and such default having continued for more than ninety days) in the conditions of a certain mortgage made by Avery Baxter Crandall and Jessie Elizabeth Crandall, his wife, of City of Pontiac, Oakland County, Michigan, to HOME OWNERS' LOAN CORPORATION, a Corporation organized under the laws of the United States of America, dated January 15, 1934, and recorded in the office of the Register of Deeds for Oakland County, Michigan, on Jan. 19, 1934, in Liber 735 of Mortgages, on Page 35, and said mortgagee having elected under the terms of said mortgage to declare the entire principal and accrued interest thereon due, which election it does hereby exercise, pursuant to which there is claimed to be due and unpaid on said mortgage at the date of this notice for principal and interest, and insurance the sum of Three Thousand Four Hundred Sixteen and 06/100 Dollars ($3,416.06) and no suit or proceeding at law or in equity having been instituted to recover the debt secured by said mortgage or any part thereof; Now, THEREFORE, by virtue of the power of sale contained in said mortgage and pursuant to the Statutes of the State of Michigan in such case made and provided, NOTICE IS HEREBY GIVEN that on Friday, August 7, 1936 at ten o'clock forenoon, Eastern Standard Time at the easterly door of the Court House (being the Saginaw Street entrance) in the City of Pontiac, County of Oakland, Michigan (that being the place of holding Circuit Court in said County) said mortgage will be foreclosed by a sale at public auction to the highest bidder of the premises described in said mortgage, or so much thereof as may be necessary to pay the amount due as aforesaid, and any sum or sums which may be paid by the undersigned at or before said sale for taxes and/or insurance on said premises, and all other sums paid by the undersigned, with interest thereon, pursuant to law and to the terms of said mortgage, and all legal costs, charges and expenses, including an attorney's fee, which premises are described as follows: That certain piece or parcel of land situated in the City of Pontiac, County of Oakland and State of Michigan, described as follows, to-wit: Lot Number Eight (8) of Shepard's Addition to the City of Pontiac, being on the northwest quarter (NW¼) of the southwest quarter (SW¼) of Section Twenty (20), Town Three (3) North, Range Ten (10) East, Township of Pontiac, Oakland County, Michigan, according to the plat thereof recorded in Liber Five (5) of Plats, page five (5), Oakland County Register of Deeds Office. DATED: April 10, 1936.

HOME OWNERS' LOAN CORPORATION,
Mortgagee.
Harold E. Howlett
Attorney for Mortgagee
Business Address:
605 Pontiac Bank Bldg.
Pontiac, Michigan.
May 7-July 30
